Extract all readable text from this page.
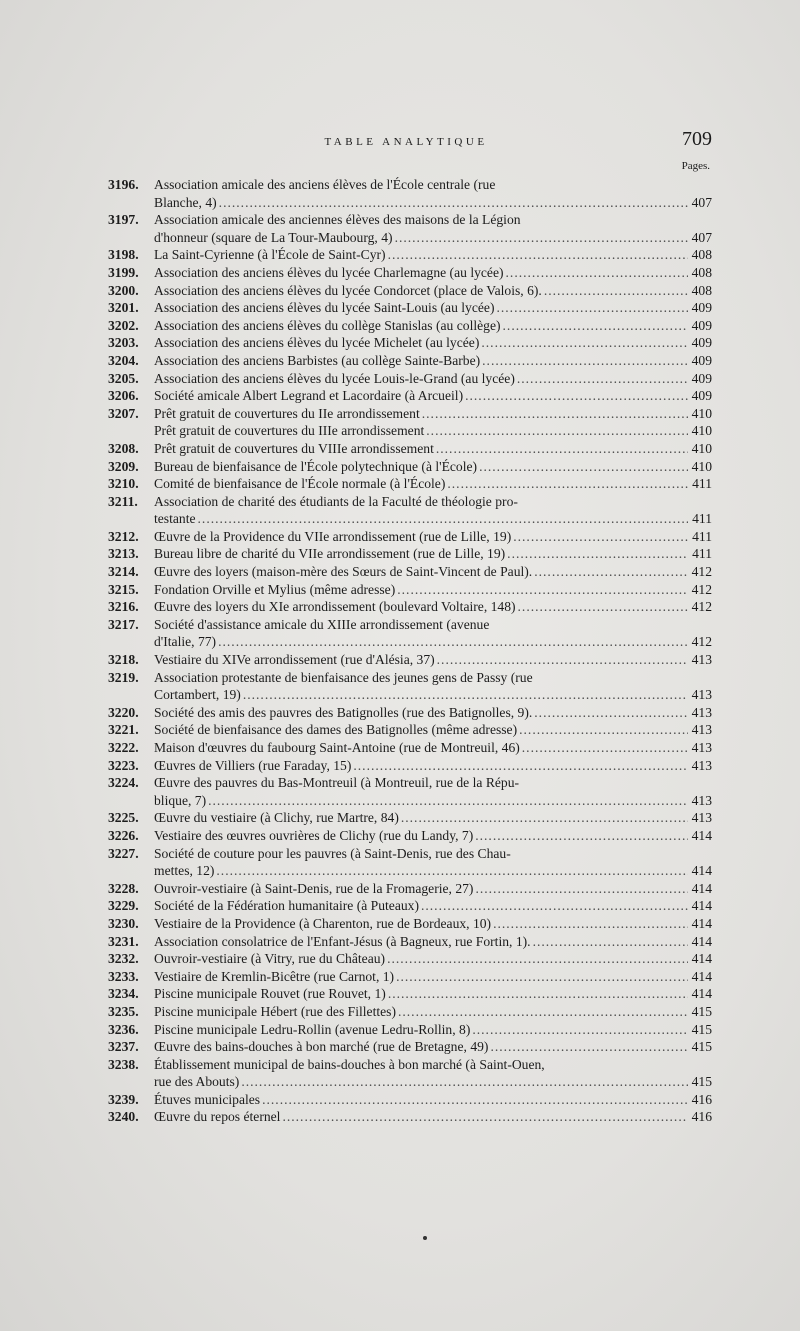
TABLE ANALYTIQUE	709
Pages.
3196.	Association amicale des anciens élèves de l'École centrale (rue
Blanche, 4) .....	407
3197.	Association amicale des anciennes élèves des maisons de la Légion
d'honneur (square de La Tour-Maubourg, 4) .....	407
3198.	La Saint-Cyrienne (à l'École de Saint-Cyr) .....	408
3199.	Association des anciens élèves du lycée Charlemagne (au lycée) .....	408
3200.	Association des anciens élèves du lycée Condorcet (place de Valois, 6). .....	408
3201.	Association des anciens élèves du lycée Saint-Louis (au lycée) .....	409
3202.	Association des anciens élèves du collège Stanislas (au collège) .....	409
3203.	Association des anciens élèves du lycée Michelet (au lycée) .....	409
3204.	Association des anciens Barbistes (au collège Sainte-Barbe) .....	409
3205.	Association des anciens élèves du lycée Louis-le-Grand (au lycée) .....	409
3206.	Société amicale Albert Legrand et Lacordaire (à Arcueil) .....	409
3207.	Prêt gratuit de couvertures du IIe arrondissement .....	410
Prêt gratuit de couvertures du IIIe arrondissement .....	410
3208.	Prêt gratuit de couvertures du VIIIe arrondissement .....	410
3209.	Bureau de bienfaisance de l'École polytechnique (à l'École) .....	410
3210.	Comité de bienfaisance de l'École normale (à l'École) .....	411
3211.	Association de charité des étudiants de la Faculté de théologie pro-
testante .....	411
3212.	Œuvre de la Providence du VIIe arrondissement (rue de Lille, 19) .....	411
3213.	Bureau libre de charité du VIIe arrondissement (rue de Lille, 19) .....	411
3214.	Œuvre des loyers (maison-mère des Sœurs de Saint-Vincent de Paul). .....	412
3215.	Fondation Orville et Mylius (même adresse) .....	412
3216.	Œuvre des loyers du XIe arrondissement (boulevard Voltaire, 148) .....	412
3217.	Société d'assistance amicale du XIIIe arrondissement (avenue
d'Italie, 77) .....	412
3218.	Vestiaire du XIVe arrondissement (rue d'Alésia, 37) .....	413
3219.	Association protestante de bienfaisance des jeunes gens de Passy (rue
Cortambert, 19) .....	413
3220.	Société des amis des pauvres des Batignolles (rue des Batignolles, 9). .....	413
3221.	Société de bienfaisance des dames des Batignolles (même adresse) .....	413
3222.	Maison d'œuvres du faubourg Saint-Antoine (rue de Montreuil, 46) .....	413
3223.	Œuvres de Villiers (rue Faraday, 15) .....	413
3224.	Œuvre des pauvres du Bas-Montreuil (à Montreuil, rue de la Répu-
blique, 7) .....	413
3225.	Œuvre du vestiaire (à Clichy, rue Martre, 84) .....	413
3226.	Vestiaire des œuvres ouvrières de Clichy (rue du Landy, 7) .....	414
3227.	Société de couture pour les pauvres (à Saint-Denis, rue des Chau-
mettes, 12) .....	414
3228.	Ouvroir-vestiaire (à Saint-Denis, rue de la Fromagerie, 27) .....	414
3229.	Société de la Fédération humanitaire (à Puteaux) .....	414
3230.	Vestiaire de la Providence (à Charenton, rue de Bordeaux, 10) .....	414
3231.	Association consolatrice de l'Enfant-Jésus (à Bagneux, rue Fortin, 1). .....	414
3232.	Ouvroir-vestiaire (à Vitry, rue du Château) .....	414
3233.	Vestiaire de Kremlin-Bicêtre (rue Carnot, 1) .....	414
3234.	Piscine municipale Rouvet (rue Rouvet, 1) .....	414
3235.	Piscine municipale Hébert (rue des Fillettes) .....	415
3236.	Piscine municipale Ledru-Rollin (avenue Ledru-Rollin, 8) .....	415
3237.	Œuvre des bains-douches à bon marché (rue de Bretagne, 49) .....	415
3238.	Établissement municipal de bains-douches à bon marché (à Saint-Ouen,
rue des Abouts) .....	415
3239.	Étuves municipales .....	416
3240.	Œuvre du repos éternel .....	416
